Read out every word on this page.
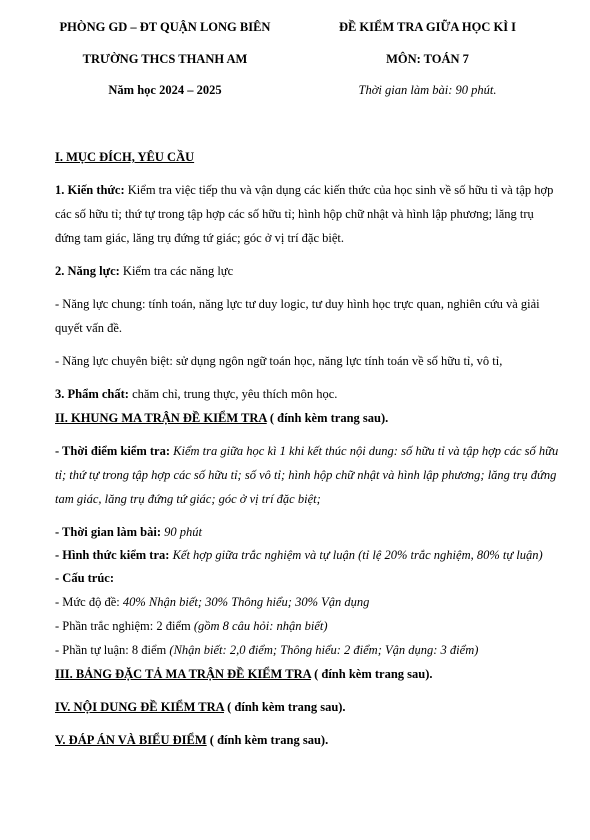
PHÒNG GD – ĐT QUẬN LONG BIÊN	ĐỀ KIỂM TRA GIỮA HỌC KÌ I
TRƯỜNG THCS THANH AM	MÔN: TOÁN 7
Năm học 2024 – 2025	Thời gian làm bài: 90 phút.

I. MỤC ĐÍCH, YÊU CẦU

1. Kiến thức: Kiểm tra việc tiếp thu và vận dụng các kiến thức của học sinh về số hữu tỉ và tập hợp các số hữu tỉ; thứ tự trong tập hợp các số hữu tỉ; hình hộp chữ nhật và hình lập phương; lăng trụ đứng tam giác, lăng trụ đứng tứ giác; góc ở vị trí đặc biệt.

2. Năng lực: Kiểm tra các năng lực

- Năng lực chung: tính toán, năng lực tư duy logic, tư duy hình học trực quan, nghiên cứu và giải quyết vấn đề.

- Năng lực chuyên biệt: sử dụng ngôn ngữ toán học, năng lực tính toán về số hữu tỉ, vô tỉ,

3. Phẩm chất: chăm chỉ, trung thực, yêu thích môn học.

II. KHUNG MA TRẬN ĐỀ KIỂM TRA ( đính kèm trang sau).

- Thời điểm kiểm tra: Kiểm tra giữa học kì 1 khi kết thúc nội dung: số hữu tỉ và tập hợp các số hữu tỉ; thứ tự trong tập hợp các số hữu tỉ; số vô tỉ; hình hộp chữ nhật và hình lập phương; lăng trụ đứng tam giác, lăng trụ đứng tứ giác; góc ở vị trí đặc biệt;

- Thời gian làm bài: 90 phút

- Hình thức kiểm tra: Kết hợp giữa trắc nghiệm và tự luận (tỉ lệ 20% trắc nghiệm, 80% tự luận)

- Cấu trúc:

- Mức độ đề: 40% Nhận biết; 30% Thông hiểu; 30% Vận dụng

- Phần trắc nghiệm: 2 điểm (gồm 8 câu hỏi: nhận biết)

- Phần tự luận: 8 điểm (Nhận biết: 2,0 điểm; Thông hiểu: 2 điểm; Vận dụng: 3 điểm)

III. BẢNG ĐẶC TẢ MA TRẬN ĐỀ KIỂM TRA ( đính kèm trang sau).

IV. NỘI DUNG ĐỀ KIỂM TRA ( đính kèm trang sau).

V. ĐÁP ÁN VÀ BIỂU ĐIỂM ( đính kèm trang sau).
